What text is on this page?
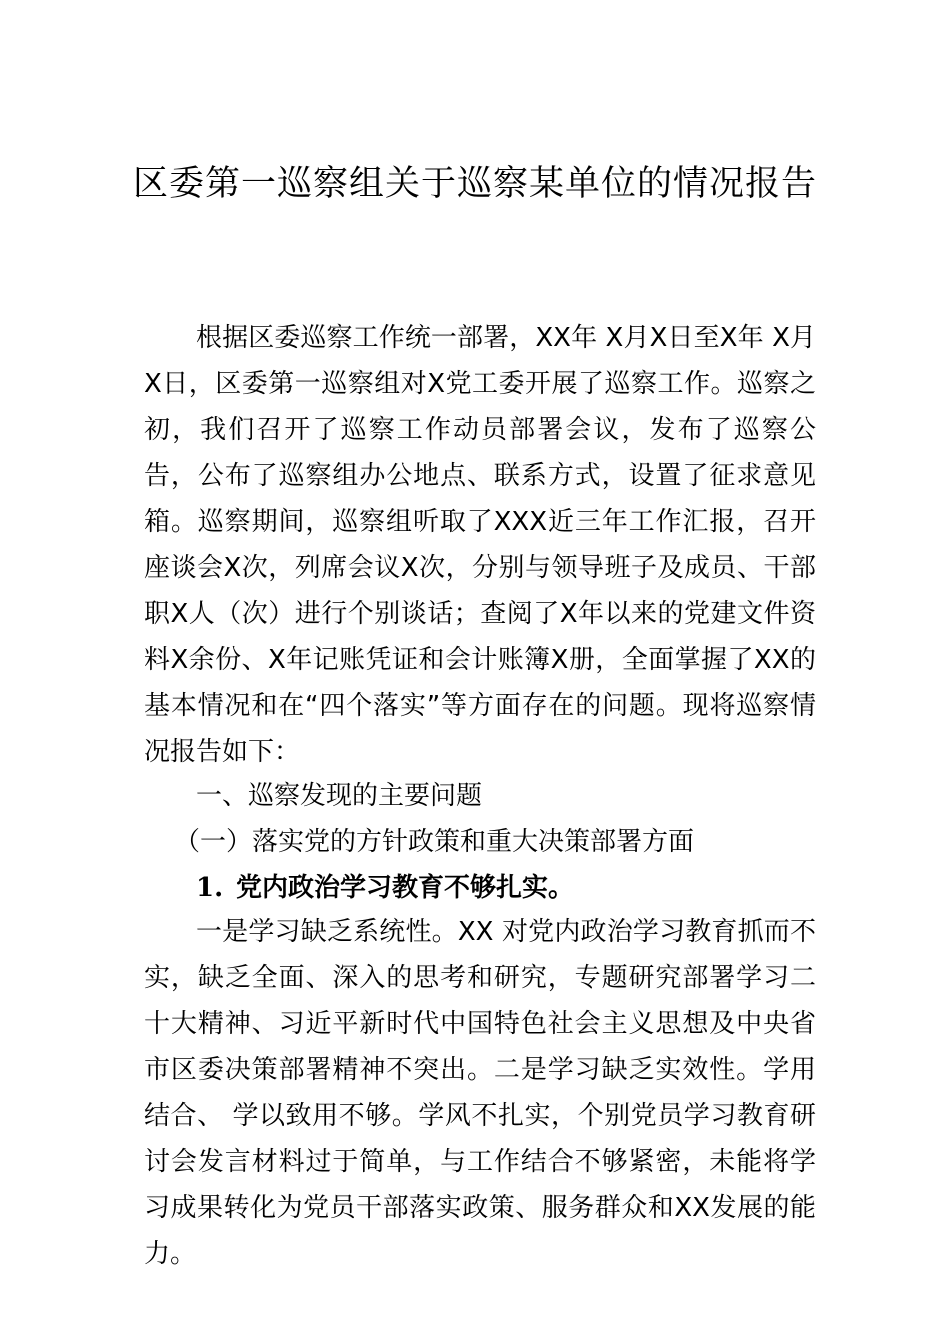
区委第一巡察组关于巡察某单位的情况报告

根据区委巡察工作统一部署，XX年 X月X日至X年 X月 X日，区委第一巡察组对X党工委开展了巡察工作。巡察之初，我们召开了巡察工作动员部署会议，发布了巡察公告，公布了巡察组办公地点、联系方式，设置了征求意见箱。巡察期间，巡察组听取了XXX近三年工作汇报，召开座谈会X次，列席会议X次，分别与领导班子及成员、干部职X人（次）进行个别谈话；查阅了X年以来的党建文件资料X余份、X年记账凭证和会计账簿X册，全面掌握了XX的基本情况和在“四个落实”等方面存在的问题。现将巡察情况报告如下：

一、巡察发现的主要问题

（一）落实党的方针政策和重大决策部署方面

1. 党内政治学习教育不够扎实。

一是学习缺乏系统性。XX 对党内政治学习教育抓而不实，缺乏全面、深入的思考和研究，专题研究部署学习二十大精神、习近平新时代中国特色社会主义思想及中央省市区委决策部署精神不突出。二是学习缺乏实效性。学用结合、 学以致用不够。学风不扎实，个别党员学习教育研讨会发言材料过于简单，与工作结合不够紧密，未能将学习成果转化为党员干部落实政策、服务群众和XX发展的能力。
